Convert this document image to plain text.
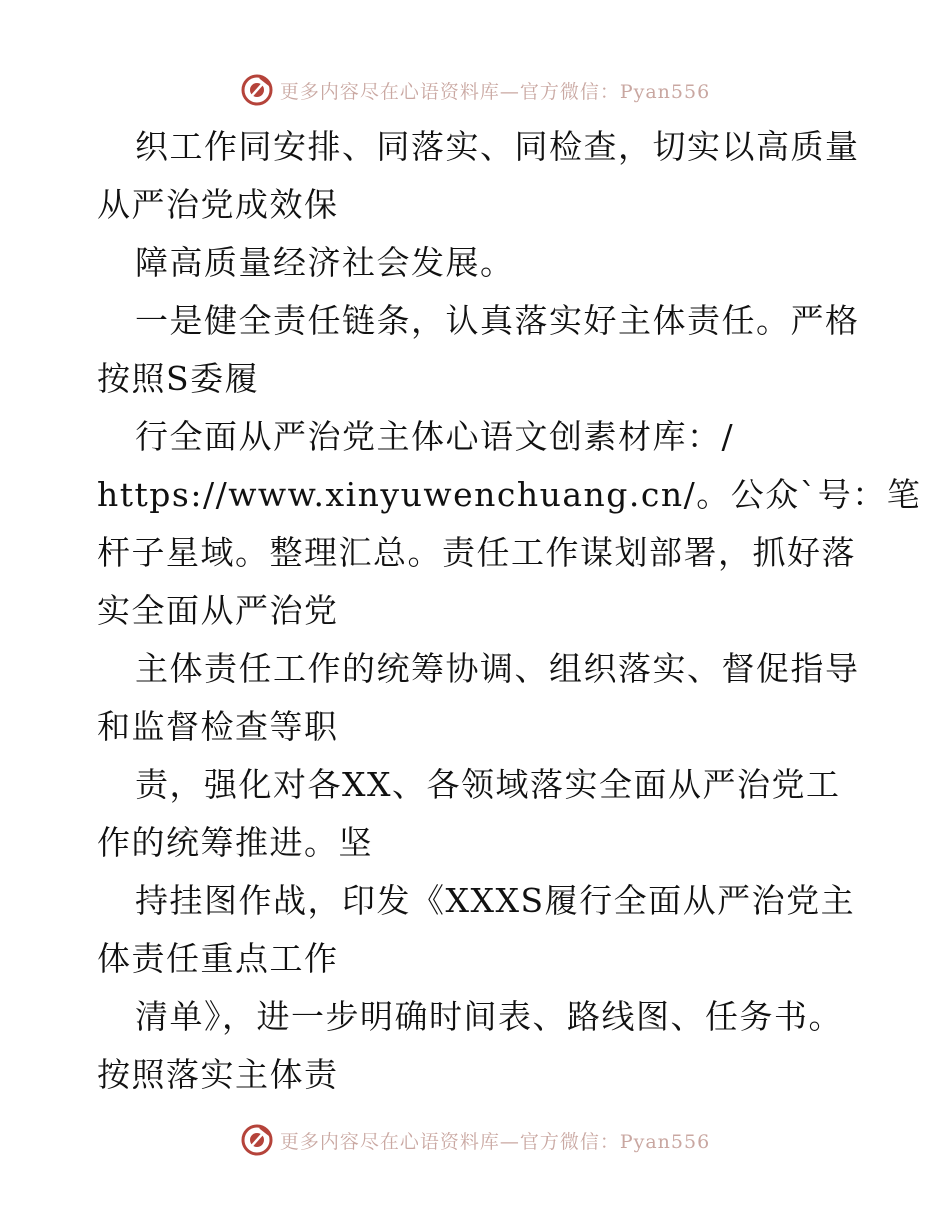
更多内容尽在心语资料库—官方微信：Pyan556
织工作同安排、同落实、同检查，切实以高质量
从严治党成效保
障高质量经济社会发展。
一是健全责任链条，认真落实好主体责任。严格
按照S委履
行全面从严治党主体心语文创素材库：/
https://www.xinyuwenchuang.cn/。公众`号：笔
杆子星域。整理汇总。责任工作谋划部署，抓好落
实全面从严治党
主体责任工作的统筹协调、组织落实、督促指导
和监督检查等职
责，强化对各XX、各领域落实全面从严治党工
作的统筹推进。坚
持挂图作战，印发《XXXS履行全面从严治党主
体责任重点工作
清单》，进一步明确时间表、路线图、任务书。
按照落实主体责
更多内容尽在心语资料库—官方微信：Pyan556
